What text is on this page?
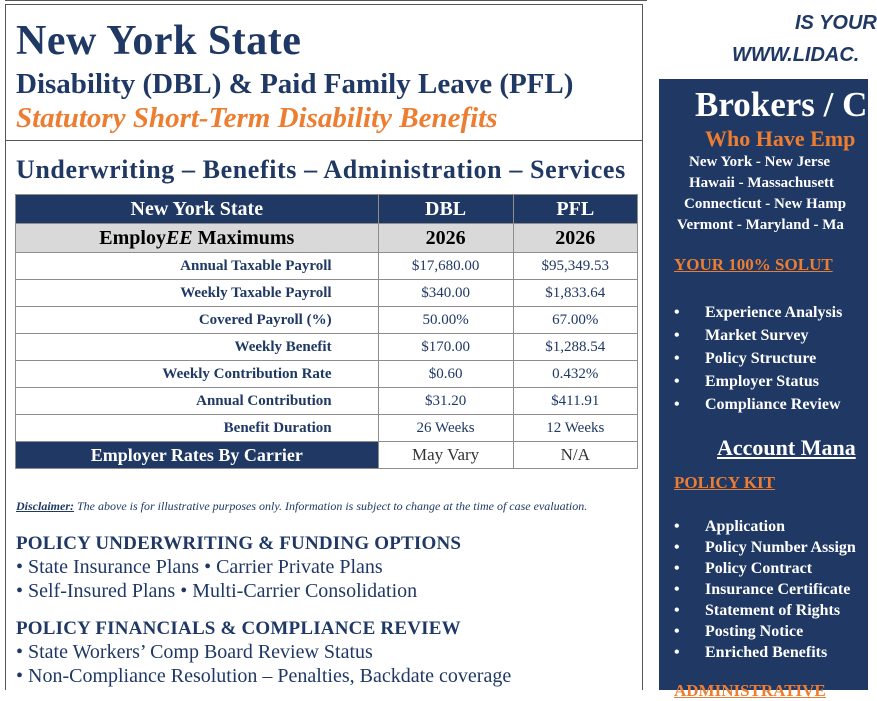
New York State
Disability (DBL) & Paid Family Leave (PFL)
Statutory Short-Term Disability Benefits
Underwriting – Benefits – Administration – Services
New York State	DBL	PFL
EmployEE Maximums	2026	2026
Annual Taxable Payroll	$17,680.00	$95,349.53
Weekly Taxable Payroll	$340.00	$1,833.64
Covered Payroll (%)	50.00%	67.00%
Weekly Benefit	$170.00	$1,288.54
Weekly Contribution Rate	$0.60	0.432%
Annual Contribution	$31.20	$411.91
Benefit Duration	26 Weeks	12 Weeks
Employer Rates By Carrier	May Vary	N/A
Disclaimer: The above is for illustrative purposes only. Information is subject to change at the time of case evaluation.
POLICY UNDERWRITING & FUNDING OPTIONS
• State Insurance Plans • Carrier Private Plans
• Self-Insured Plans • Multi-Carrier Consolidation
POLICY FINANCIALS & COMPLIANCE REVIEW
• State Workers’ Comp Board Review Status
• Non-Compliance Resolution – Penalties, Backdate coverage
IS YOUR
WWW.LIDAC.
Brokers / C
Who Have Emp
New York - New Jerse
Hawaii - Massachusett
Connecticut - New Hamp
Vermont - Maryland - Ma
YOUR 100% SOLUT
• Experience Analysis
• Market Survey
• Policy Structure
• Employer Status
• Compliance Review
Account Mana
POLICY KIT
• Application
• Policy Number Assign
• Policy Contract
• Insurance Certificate
• Statement of Rights
• Posting Notice
• Enriched Benefits
ADMINISTRATIVE
